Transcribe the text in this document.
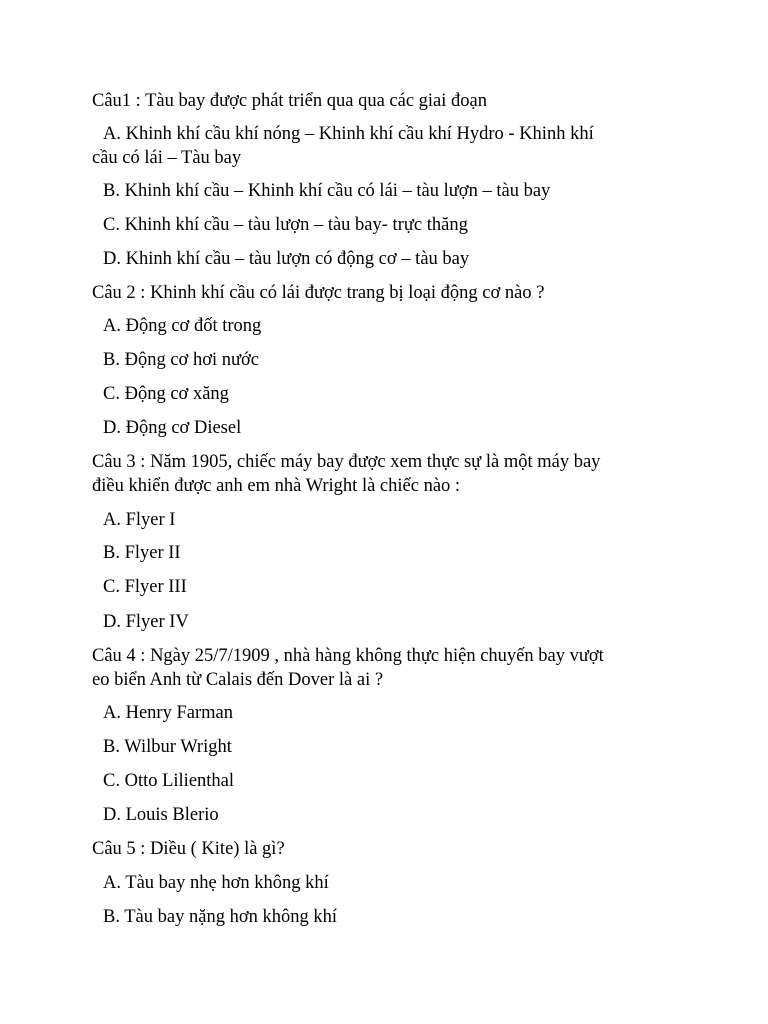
Câu1 : Tàu bay được phát triển qua qua các giai đoạn
A. Khinh khí cầu khí nóng – Khinh khí cầu khí Hydro - Khinh khí
cầu có lái – Tàu bay
B. Khinh khí cầu – Khinh khí cầu có lái – tàu lượn – tàu bay
C. Khinh khí cầu – tàu lượn – tàu bay- trực thăng
D. Khinh khí cầu – tàu lượn có động cơ – tàu bay
Câu 2 : Khinh khí cầu có lái được trang bị loại động cơ nào ?
A. Động cơ đốt trong
B. Động cơ hơi nước
C. Động cơ xăng
D. Động cơ Diesel
Câu 3 : Năm 1905, chiếc máy bay được xem thực sự là một máy bay
điều khiển được anh em nhà Wright là chiếc nào :
A. Flyer I
B. Flyer II
C. Flyer III
D. Flyer IV
Câu 4 : Ngày 25/7/1909 , nhà hàng không thực hiện chuyến bay vượt
eo biển Anh từ Calais đến Dover là ai ?
A. Henry Farman
B. Wilbur Wright
C. Otto Lilienthal
D. Louis Blerio
Câu 5 : Diều ( Kite) là gì?
A. Tàu bay nhẹ hơn không khí
B. Tàu bay nặng hơn không khí
